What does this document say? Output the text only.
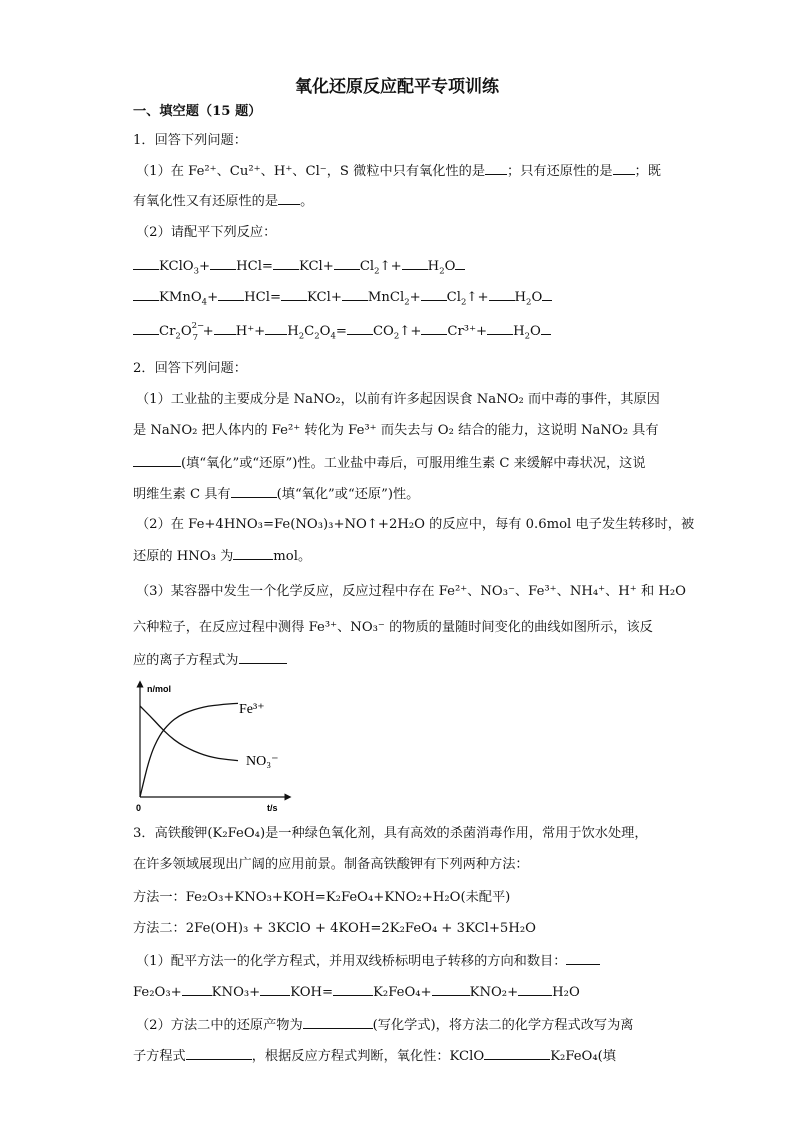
氧化还原反应配平专项训练
一、填空题（15 题）
1．回答下列问题：
（1）在 Fe²⁺、Cu²⁺、H⁺、Cl⁻，S 微粒中只有氧化性的是 ；只有还原性的是 ；既
有氧化性又有还原性的是 。
（2）请配平下列反应：
KClO$_3$+ $HCl= KCl+ Cl_2↑+ H_2O$
KMnO$_4$+ HCl= KCl+ MnCl$_2$+ $Cl_2↑+ H_2O$
$Cr_2O$ 2−
$7 + H^++ H_2C_2O_4=$ $CO_2↑+ Cr^{3+}+ H_2O$
2．回答下列问题：
（1）工业盐的主要成分是 NaNO₂，以前有许多起因误食 NaNO₂ 而中毒的事件，其原因
是 NaNO₂ 把人体内的 Fe²⁺ 转化为 Fe³⁺ 而失去与 O₂ 结合的能力，这说明 NaNO₂ 具有
(填“氧化”或“还原”)性。工业盐中毒后，可服用维生素 C 来缓解中毒状况，这说
明维生素 C 具有	(填“氧化”或“还原”)性。
（2）在 Fe+4HNO₃=Fe(NO₃)₃+NO↑+2H₂O 的反应中，每有 0.6mol 电子发生转移时，被
还原的 HNO₃ 为	mol。
（3）某容器中发生一个化学反应，反应过程中存在 Fe²⁺、NO₃⁻、Fe³⁺、NH₄⁺、H⁺ 和 H₂O
六种粒子，在反应过程中测得 Fe³⁺、NO₃⁻ 的物质的量随时间变化的曲线如图所示，该反
应的离子方程式为
n/mol
t/s
0
Fe³⁺
NO₃⁻
3．高铁酸钾(K₂FeO₄)是一种绿色氧化剂，具有高效的杀菌消毒作用，常用于饮水处理，
在许多领域展现出广阔的应用前景。制备高铁酸钾有下列两种方法：
方法一：Fe₂O₃+KNO₃+KOH=K₂FeO₄+KNO₂+H₂O(未配平)
方法二：2Fe(OH)₃ + 3KClO + 4KOH=2K₂FeO₄ + 3KCl+5H₂O
（1）配平方法一的化学方程式，并用双线桥标明电子转移的方向和数目：
Fe₂O₃+ KNO₃+ KOH=	K₂FeO₄+	KNO₂+	H₂O
（2）方法二中的还原产物为	(写化学式)，将方法二的化学方程式改写为离
子方程式	，根据反应方程式判断，氧化性：KClO	K₂FeO₄(填
